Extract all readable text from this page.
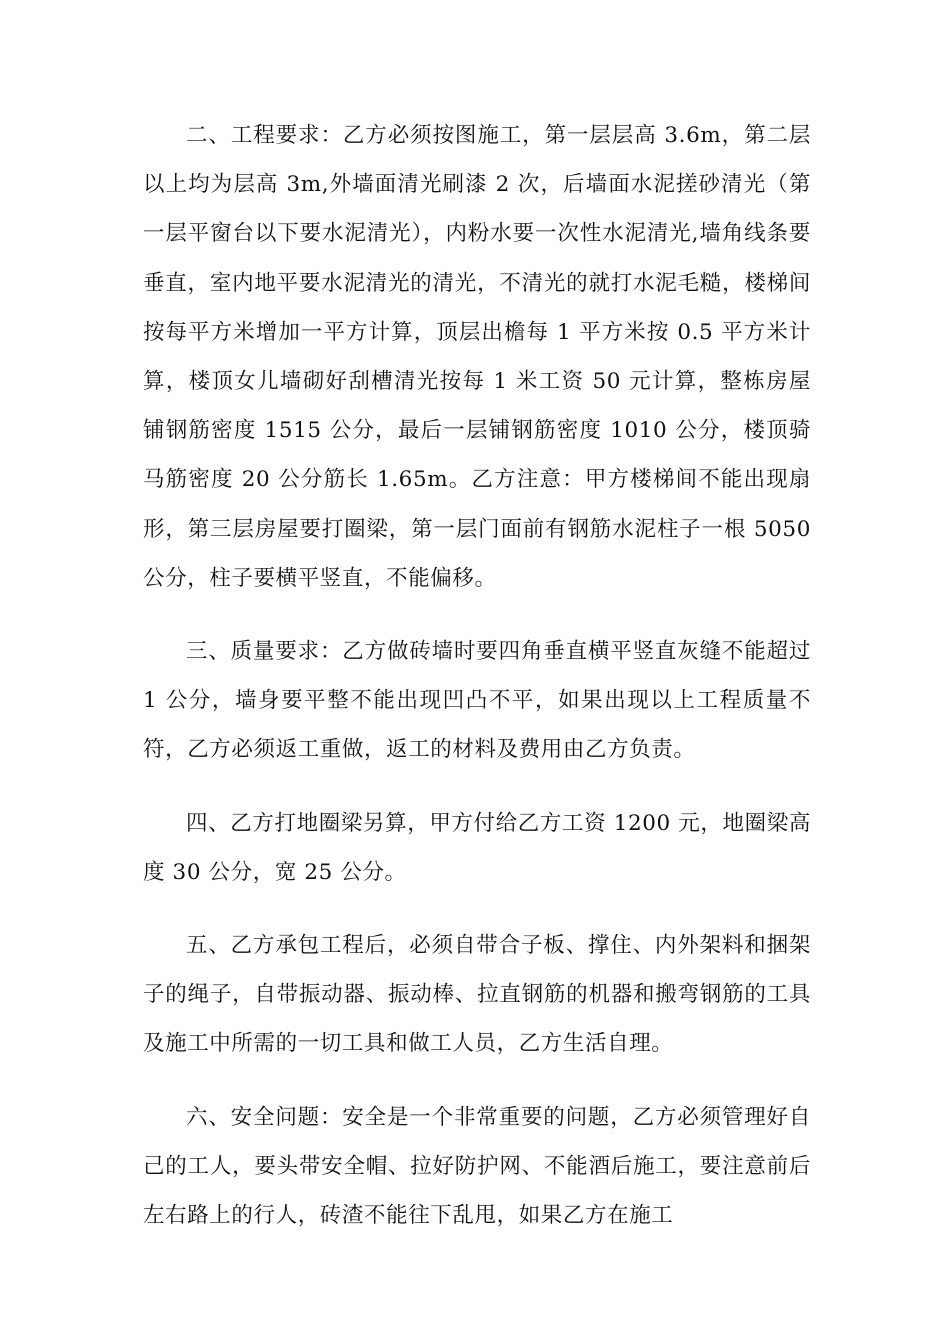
二、工程要求：乙方必须按图施工，第一层层高 3.6m，第二层以上均为层高 3m,外墙面清光刷漆 2 次，后墙面水泥搓砂清光（第一层平窗台以下要水泥清光），内粉水要一次性水泥清光,墙角线条要垂直，室内地平要水泥清光的清光，不清光的就打水泥毛糙，楼梯间按每平方米增加一平方计算，顶层出檐每 1 平方米按 0.5 平方米计算，楼顶女儿墙砌好刮槽清光按每 1 米工资 50 元计算，整栋房屋铺钢筋密度 1515 公分，最后一层铺钢筋密度 1010 公分，楼顶骑马筋密度 20 公分筋长 1.65m。乙方注意：甲方楼梯间不能出现扇形，第三层房屋要打圈梁，第一层门面前有钢筋水泥柱子一根 5050 公分，柱子要横平竖直，不能偏移。

三、质量要求：乙方做砖墙时要四角垂直横平竖直灰缝不能超过 1 公分，墙身要平整不能出现凹凸不平，如果出现以上工程质量不符，乙方必须返工重做，返工的材料及费用由乙方负责。

四、乙方打地圈梁另算，甲方付给乙方工资 1200 元，地圈梁高度 30 公分，宽 25 公分。

五、乙方承包工程后，必须自带合子板、撑住、内外架料和捆架子的绳子，自带振动器、振动棒、拉直钢筋的机器和搬弯钢筋的工具及施工中所需的一切工具和做工人员，乙方生活自理。

六、安全问题：安全是一个非常重要的问题，乙方必须管理好自己的工人，要头带安全帽、拉好防护网、不能酒后施工，要注意前后左右路上的行人，砖渣不能往下乱甩，如果乙方在施工
